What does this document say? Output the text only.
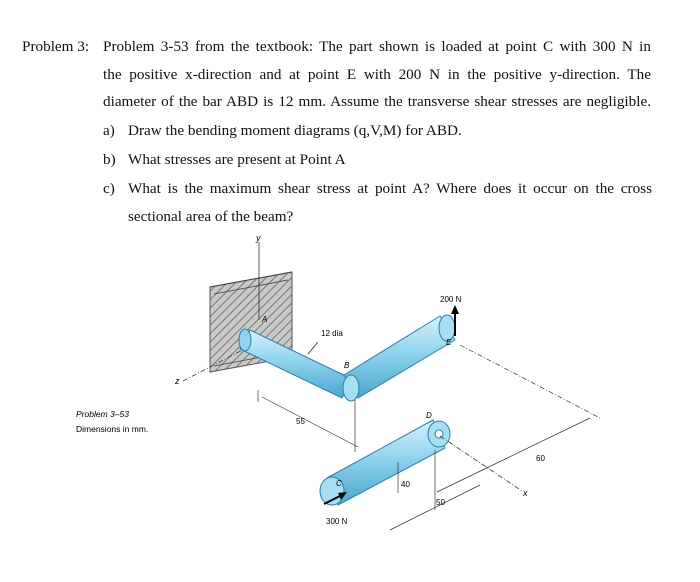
Problem 3: Problem 3-53 from the textbook: The part shown is loaded at point C with 300 N in
the positive x-direction and at point E with 200 N in the positive y-direction. The
diameter of the bar ABD is 12 mm. Assume the transverse shear stresses are negligible.
a) Draw the bending moment diagrams (q,V,M) for ABD.
b) What stresses are present at Point A
c) What is the maximum shear stress at point A? Where does it occur on the cross
sectional area of the beam?
y
z
A
B
C
D
E
12 dia
200 N
300 N
x
55
40
50
60
Problem 3–53
Dimensions in mm.
